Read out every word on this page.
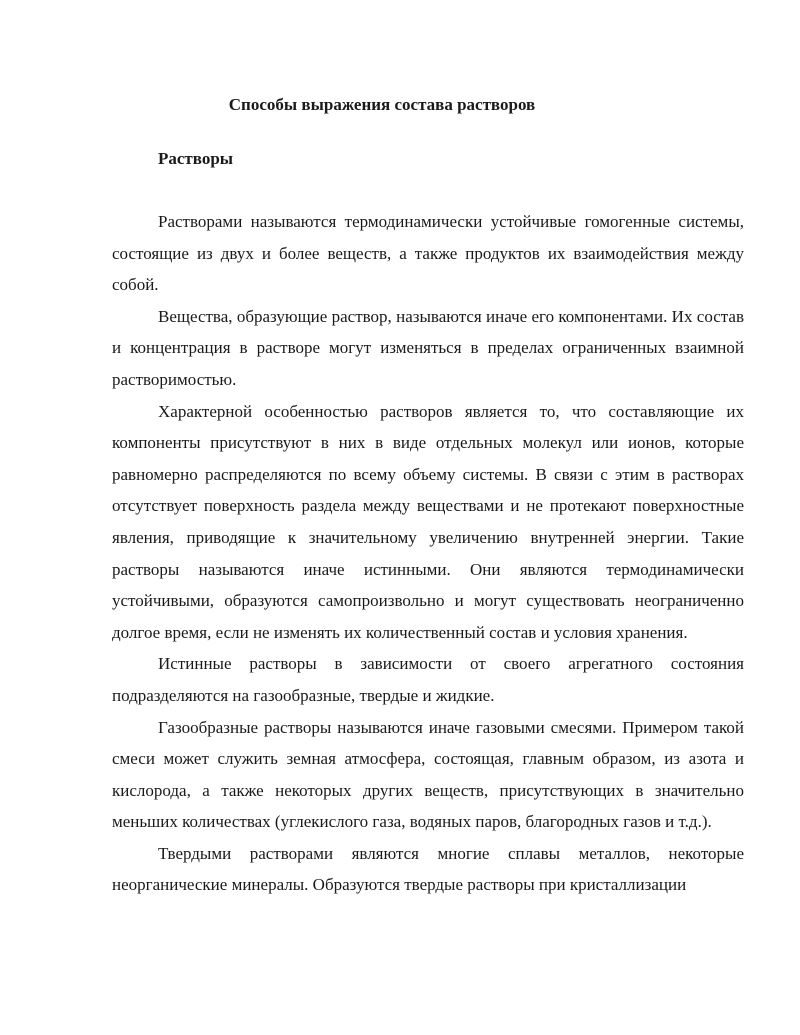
Способы выражения состава растворов
Растворы

Растворами называются термодинамически устойчивые гомогенные системы, состоящие из двух и более веществ, а также продуктов их взаимодействия между собой.

Вещества, образующие раствор, называются иначе его компонентами. Их состав и концентрация в растворе могут изменяться в пределах ограниченных взаимной растворимостью.

Характерной особенностью растворов является то, что составляющие их компоненты присутствуют в них в виде отдельных молекул или ионов, которые равномерно распределяются по всему объему системы. В связи с этим в растворах отсутствует поверхность раздела между веществами и не протекают поверхностные явления, приводящие к значительному увеличению внутренней энергии. Такие растворы называются иначе истинными. Они являются термодинамически устойчивыми, образуются самопроизвольно и могут существовать неограниченно долгое время, если не изменять их количественный состав и условия хранения.

Истинные растворы в зависимости от своего агрегатного состояния подразделяются на газообразные, твердые и жидкие.

Газообразные растворы называются иначе газовыми смесями. Примером такой смеси может служить земная атмосфера, состоящая, главным образом, из азота и кислорода, а также некоторых других веществ, присутствующих в значительно меньших количествах (углекислого газа, водяных паров, благородных газов и т.д.).

Твердыми растворами являются многие сплавы металлов, некоторые неорганические минералы. Образуются твердые растворы при кристаллизации
